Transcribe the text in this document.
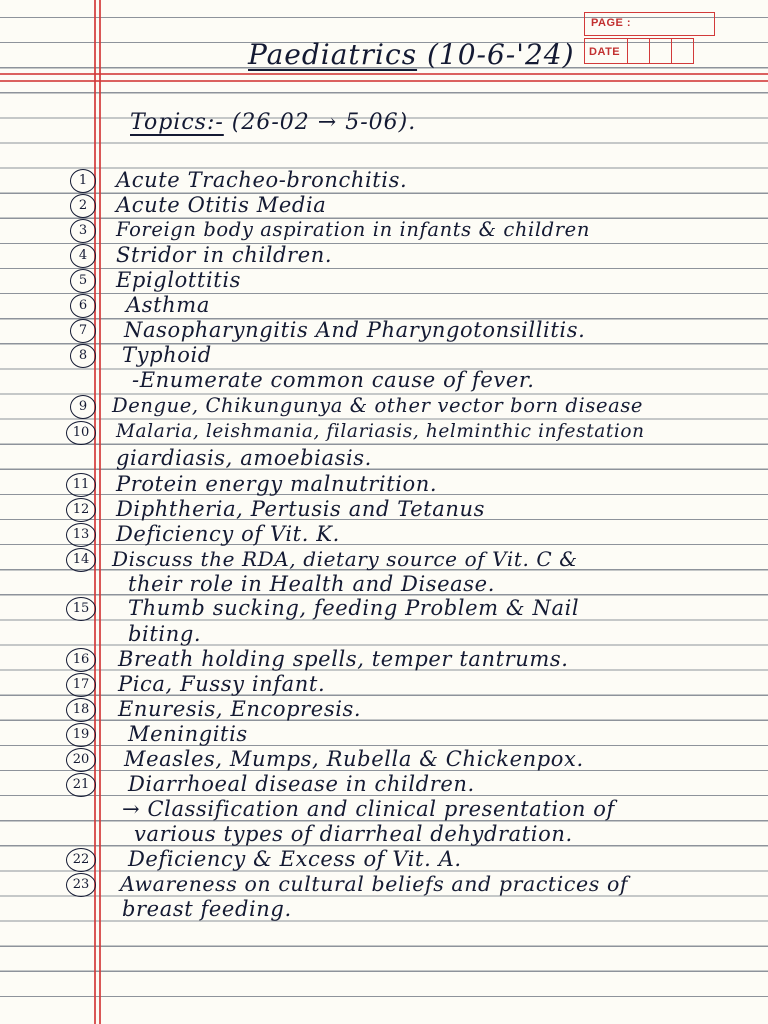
PAGE :
DATE
Paediatrics (10-6-'24)
Topics:- (26-02 → 5-06).
1	Acute Tracheo-bronchitis.
2	Acute Otitis Media
3	Foreign body aspiration in infants & children
4	Stridor in children.
5	Epiglottitis
6	Asthma
7	Nasopharyngitis And Pharyngotonsillitis.
8	Typhoid
-Enumerate common cause of fever.
9	Dengue, Chikungunya & other vector born disease
10	Malaria, leishmania, filariasis, helminthic infestation
giardiasis, amoebiasis.
11	Protein energy malnutrition.
12	Diphtheria, Pertusis and Tetanus
13	Deficiency of Vit. K.
14	Discuss the RDA, dietary source of Vit. C &
their role in Health and Disease.
15	Thumb sucking, feeding Problem & Nail
biting.
16	Breath holding spells, temper tantrums.
17	Pica, Fussy infant.
18	Enuresis, Encopresis.
19	Meningitis
20	Measles, Mumps, Rubella & Chickenpox.
21	Diarrhoeal disease in children.
→ Classification and clinical presentation of
various types of diarrheal dehydration.
22	Deficiency & Excess of Vit. A.
23	Awareness on cultural beliefs and practices of
breast feeding.
